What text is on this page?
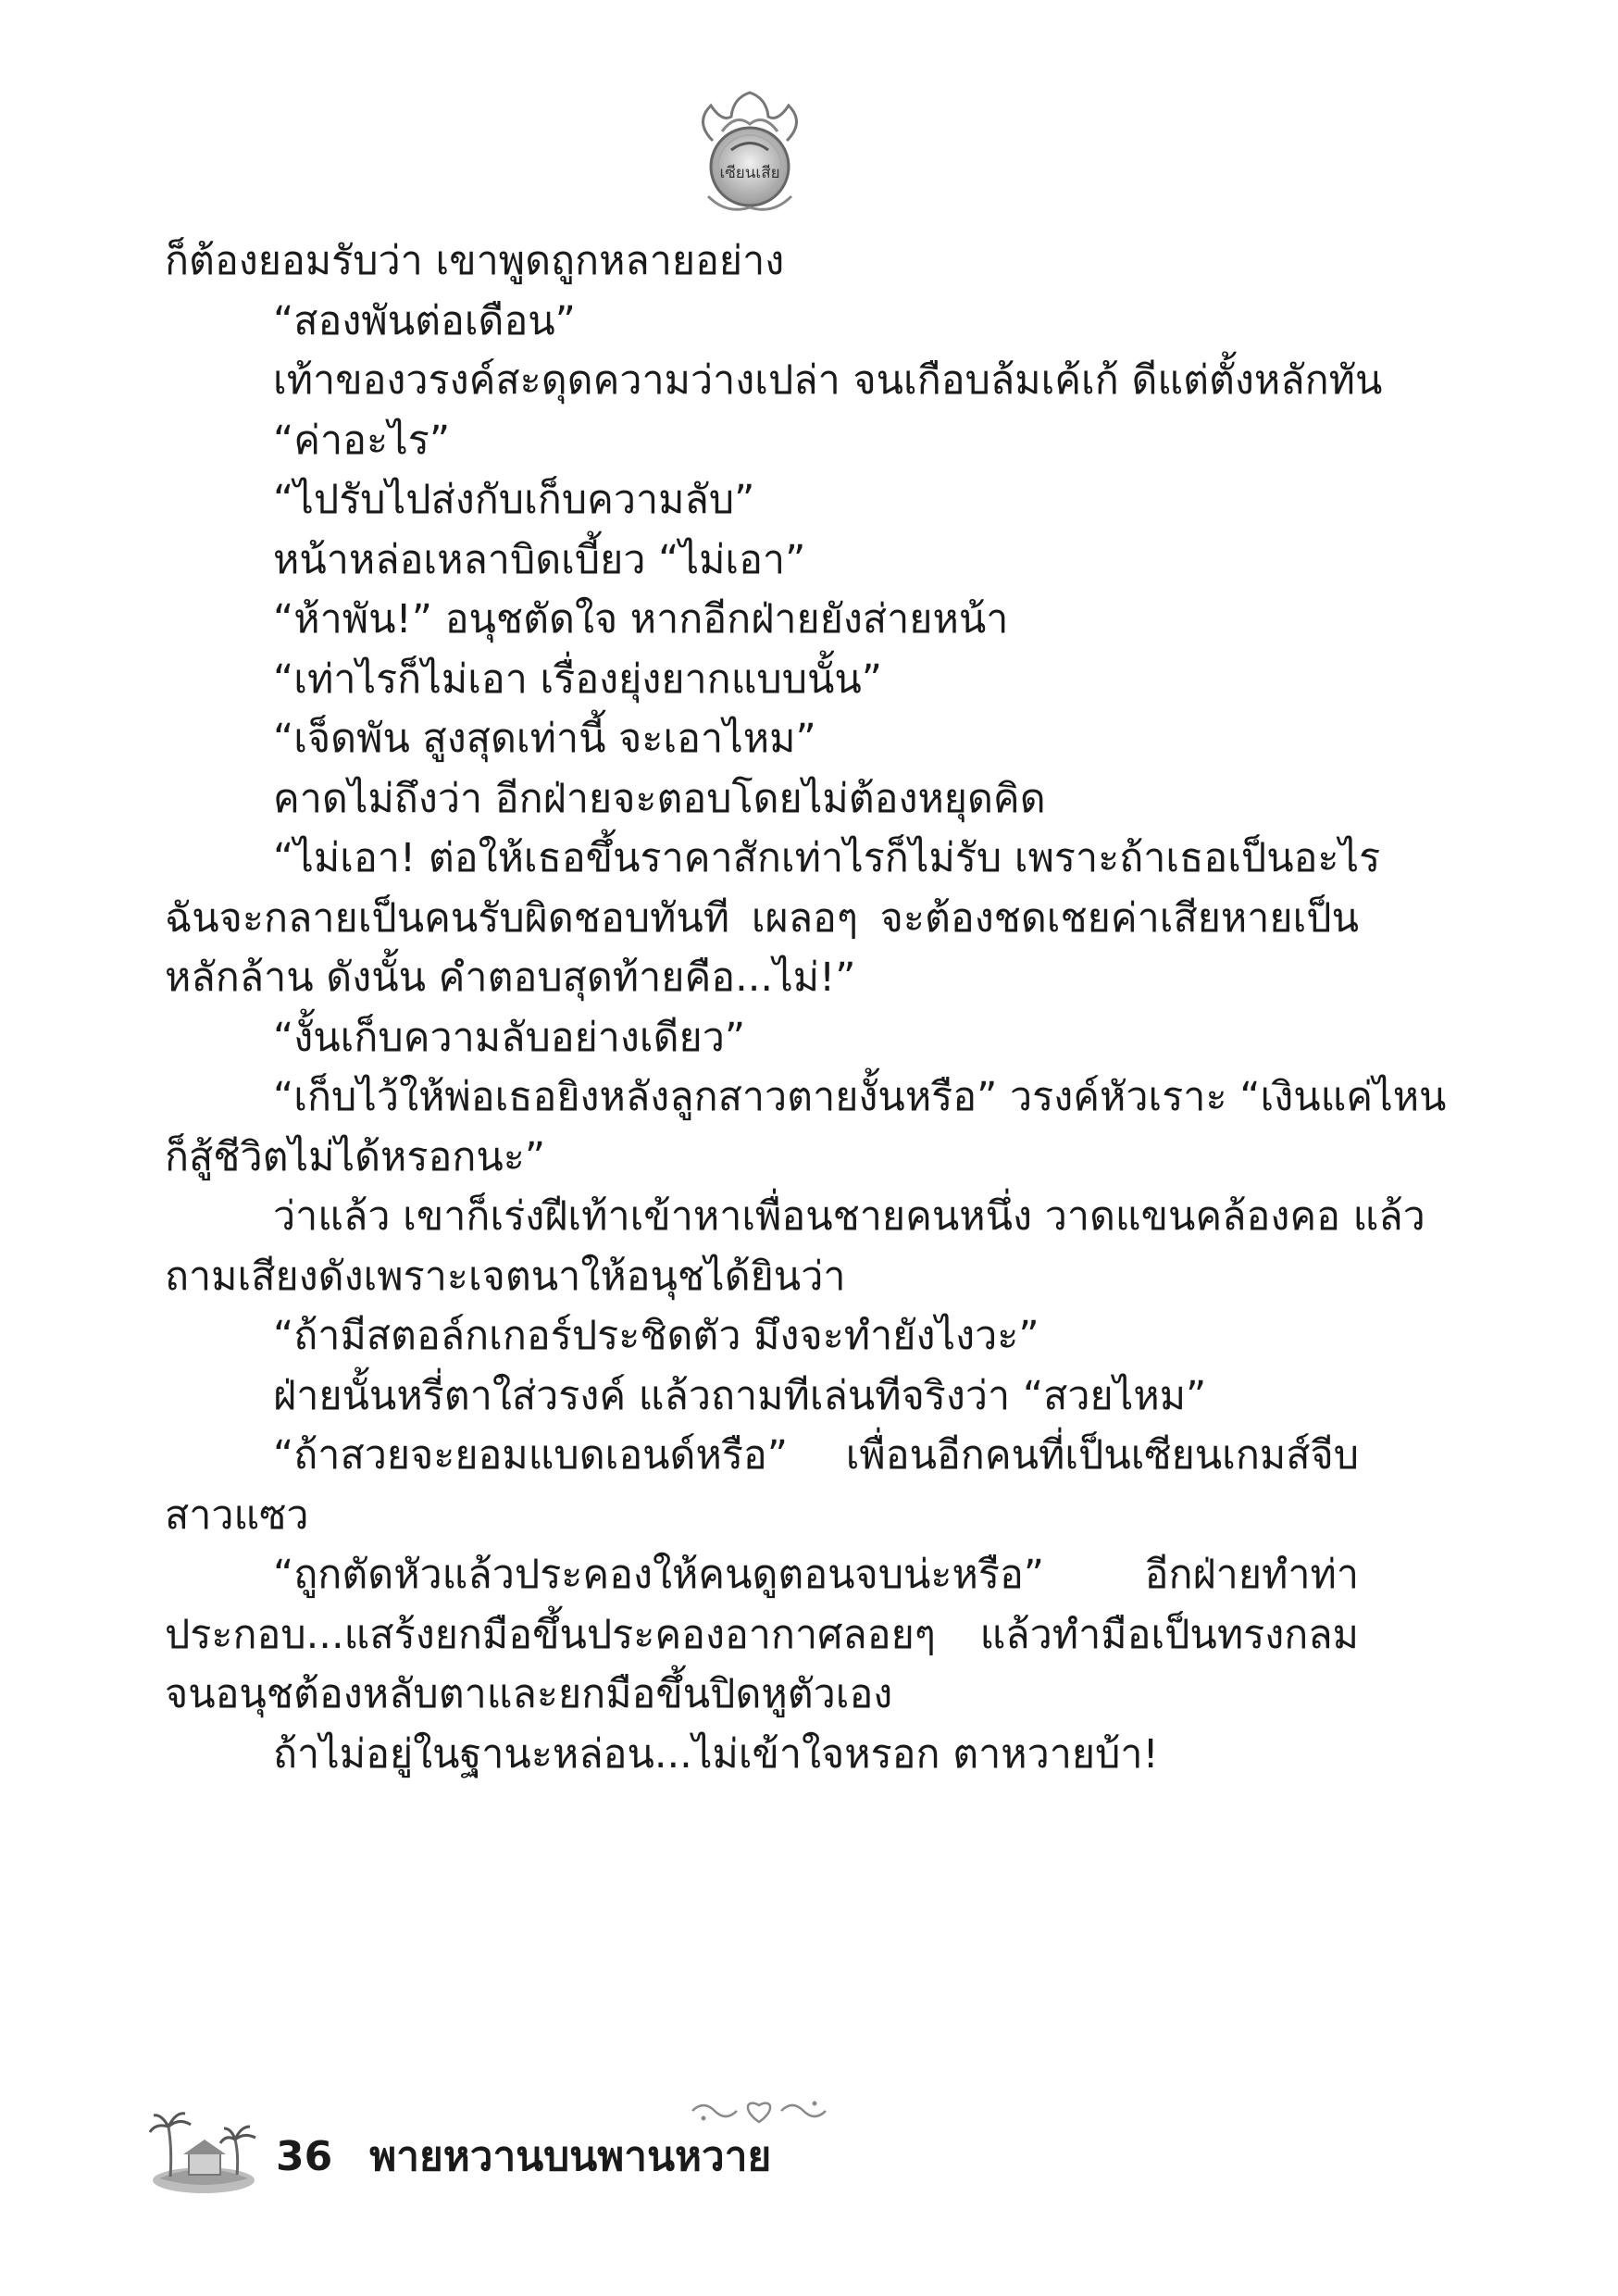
เซียนเสีย
ก็ต้องยอมรับว่า เขาพูดถูกหลายอย่าง
“สองพันต่อเดือน”
เท้าของวรงค์สะดุดความว่างเปล่า จนเกือบล้มเค้เก้ ดีแต่ตั้งหลักทัน
“ค่าอะไร”
“ไปรับไปส่งกับเก็บความลับ”
หน้าหล่อเหลาบิดเบี้ยว “ไม่เอา”
“ห้าพัน!” อนุชตัดใจ หากอีกฝ่ายยังส่ายหน้า
“เท่าไรก็ไม่เอา เรื่องยุ่งยากแบบนั้น”
“เจ็ดพัน สูงสุดเท่านี้ จะเอาไหม”
คาดไม่ถึงว่า อีกฝ่ายจะตอบโดยไม่ต้องหยุดคิด
“ไม่เอา! ต่อให้เธอขึ้นราคาสักเท่าไรก็ไม่รับ เพราะถ้าเธอเป็นอะไร
ฉันจะกลายเป็นคนรับผิดชอบทันที เผลอๆ จะต้องชดเชยค่าเสียหายเป็น
หลักล้าน ดังนั้น คำตอบสุดท้ายคือ...ไม่!”
“งั้นเก็บความลับอย่างเดียว”
“เก็บไว้ให้พ่อเธอยิงหลังลูกสาวตายงั้นหรือ” วรงค์หัวเราะ “เงินแค่ไหน
ก็สู้ชีวิตไม่ได้หรอกนะ”
ว่าแล้ว เขาก็เร่งฝีเท้าเข้าหาเพื่อนชายคนหนึ่ง วาดแขนคล้องคอ แล้ว
ถามเสียงดังเพราะเจตนาให้อนุชได้ยินว่า
“ถ้ามีสตอล์กเกอร์ประชิดตัว มึงจะทำยังไงวะ”
ฝ่ายนั้นหรี่ตาใส่วรงค์ แล้วถามทีเล่นทีจริงว่า “สวยไหม”
“ถ้าสวยจะยอมแบดเอนด์หรือ” เพื่อนอีกคนที่เป็นเซียนเกมส์จีบ
สาวแซว
“ถูกตัดหัวแล้วประคองให้คนดูตอนจบน่ะหรือ” อีกฝ่ายทำท่า
ประกอบ...แสร้งยกมือขึ้นประคองอากาศลอยๆ แล้วทำมือเป็นทรงกลม
จนอนุชต้องหลับตาและยกมือขึ้นปิดหูตัวเอง
ถ้าไม่อยู่ในฐานะหล่อน...ไม่เข้าใจหรอก ตาหวายบ้า!
36 พายหวานบนพานหวาย
